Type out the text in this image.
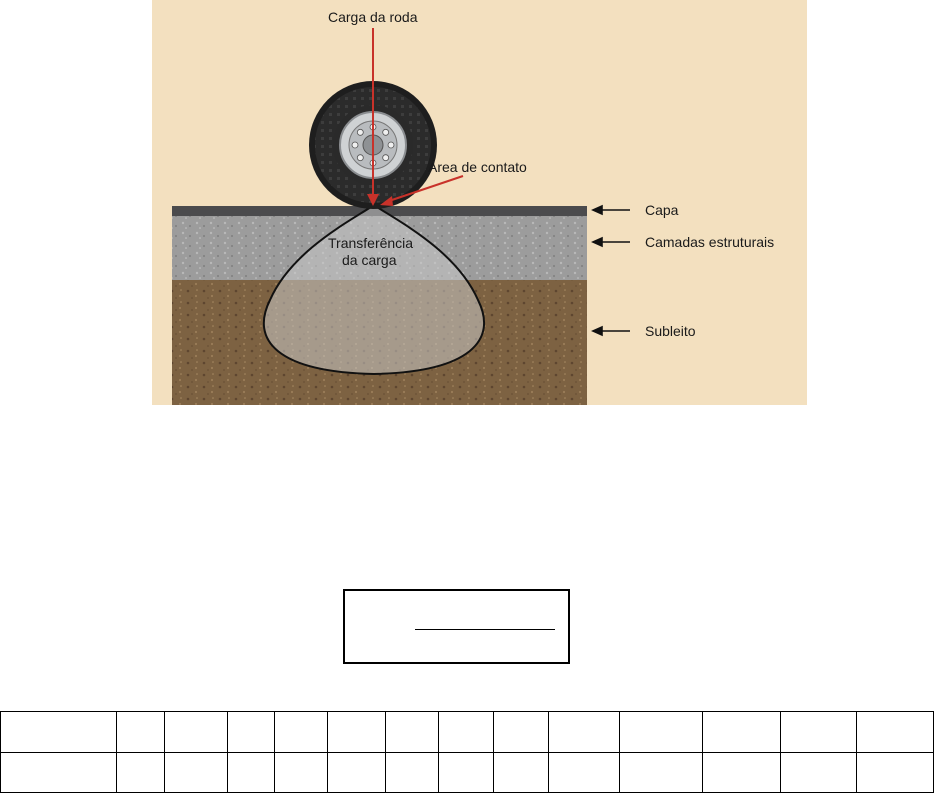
Carga da roda
Área de contato
Transferência
da carga
Capa
Camadas estruturais
Subleito
